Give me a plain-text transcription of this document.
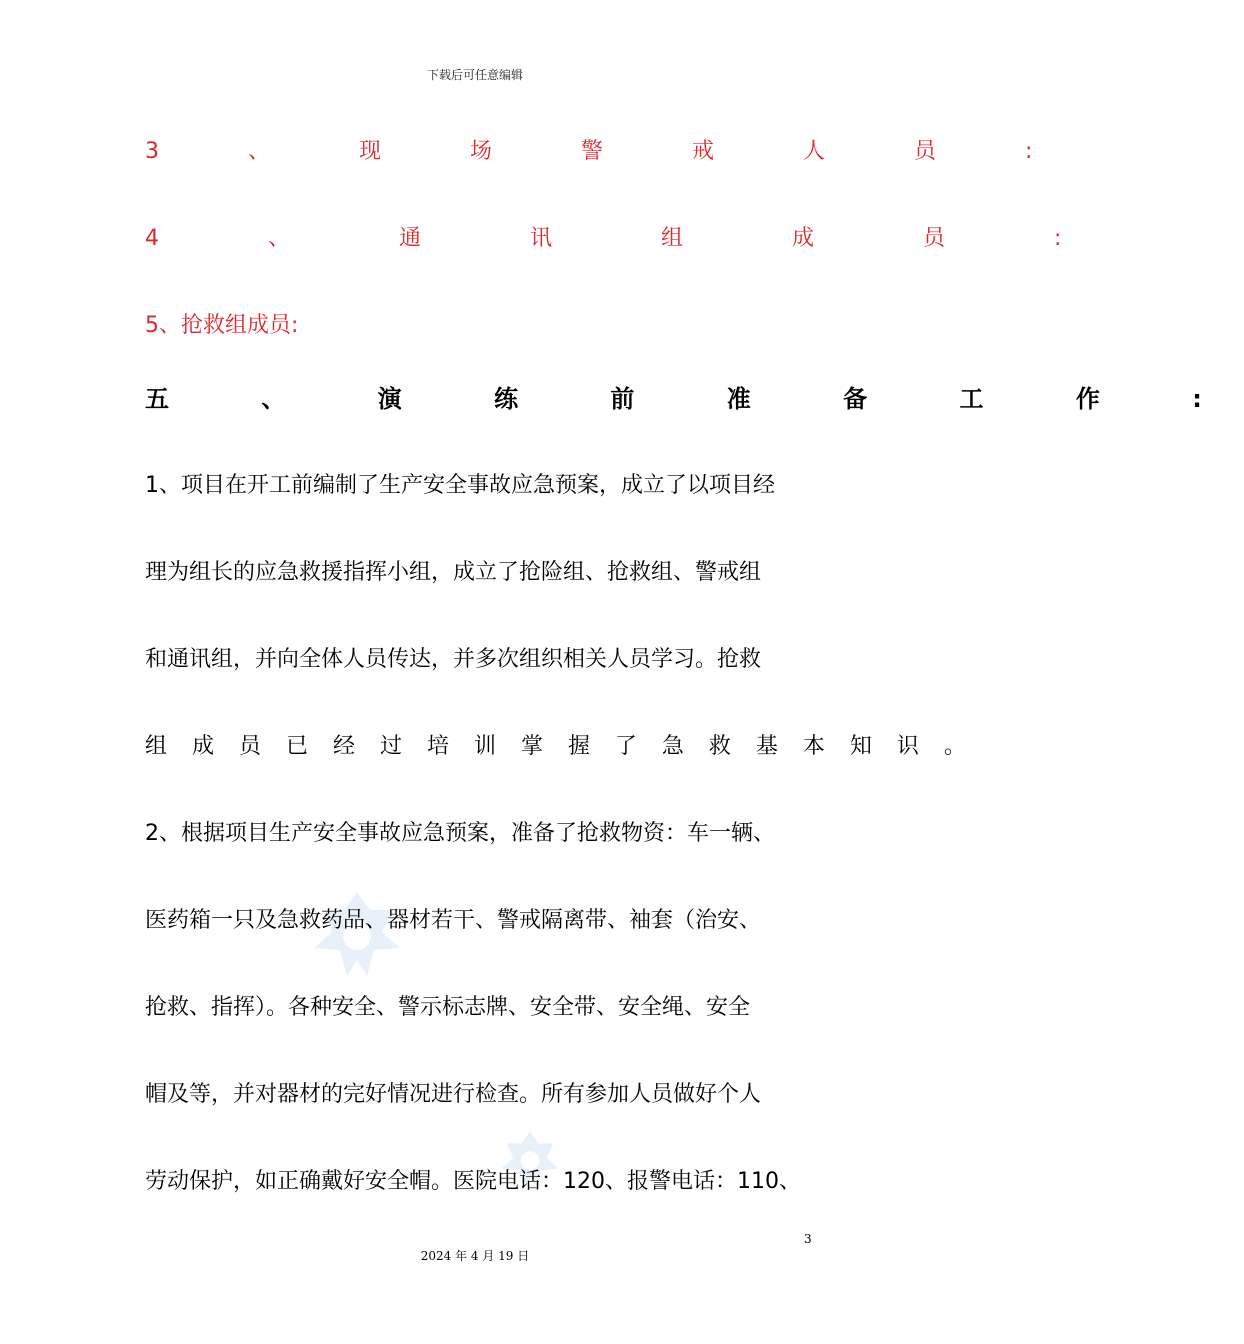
下载后可任意编辑
3 、 现 场 警 戒 人 员 :
4 、 通 讯 组 成 员 :
5、抢救组成员:
五 、 演 练 前 准 备 工 作 :
1、项目在开工前编制了生产安全事故应急预案，成立了以项目经
理为组长的应急救援指挥小组，成立了抢险组、抢救组、警戒组
和通讯组，并向全体人员传达，并多次组织相关人员学习。抢救
组 成 员 已 经 过 培 训 掌 握 了 急 救 基 本 知 识 。
2、根据项目生产安全事故应急预案，准备了抢救物资：车一辆、
医药箱一只及急救药品、器材若干、警戒隔离带、袖套（治安、
抢救、指挥）。各种安全、警示标志牌、安全带、安全绳、安全
帽及等，并对器材的完好情况进行检查。所有参加人员做好个人
劳动保护，如正确戴好安全帽。医院电话：120、报警电话：110、
3
2024 年 4 月 19 日
